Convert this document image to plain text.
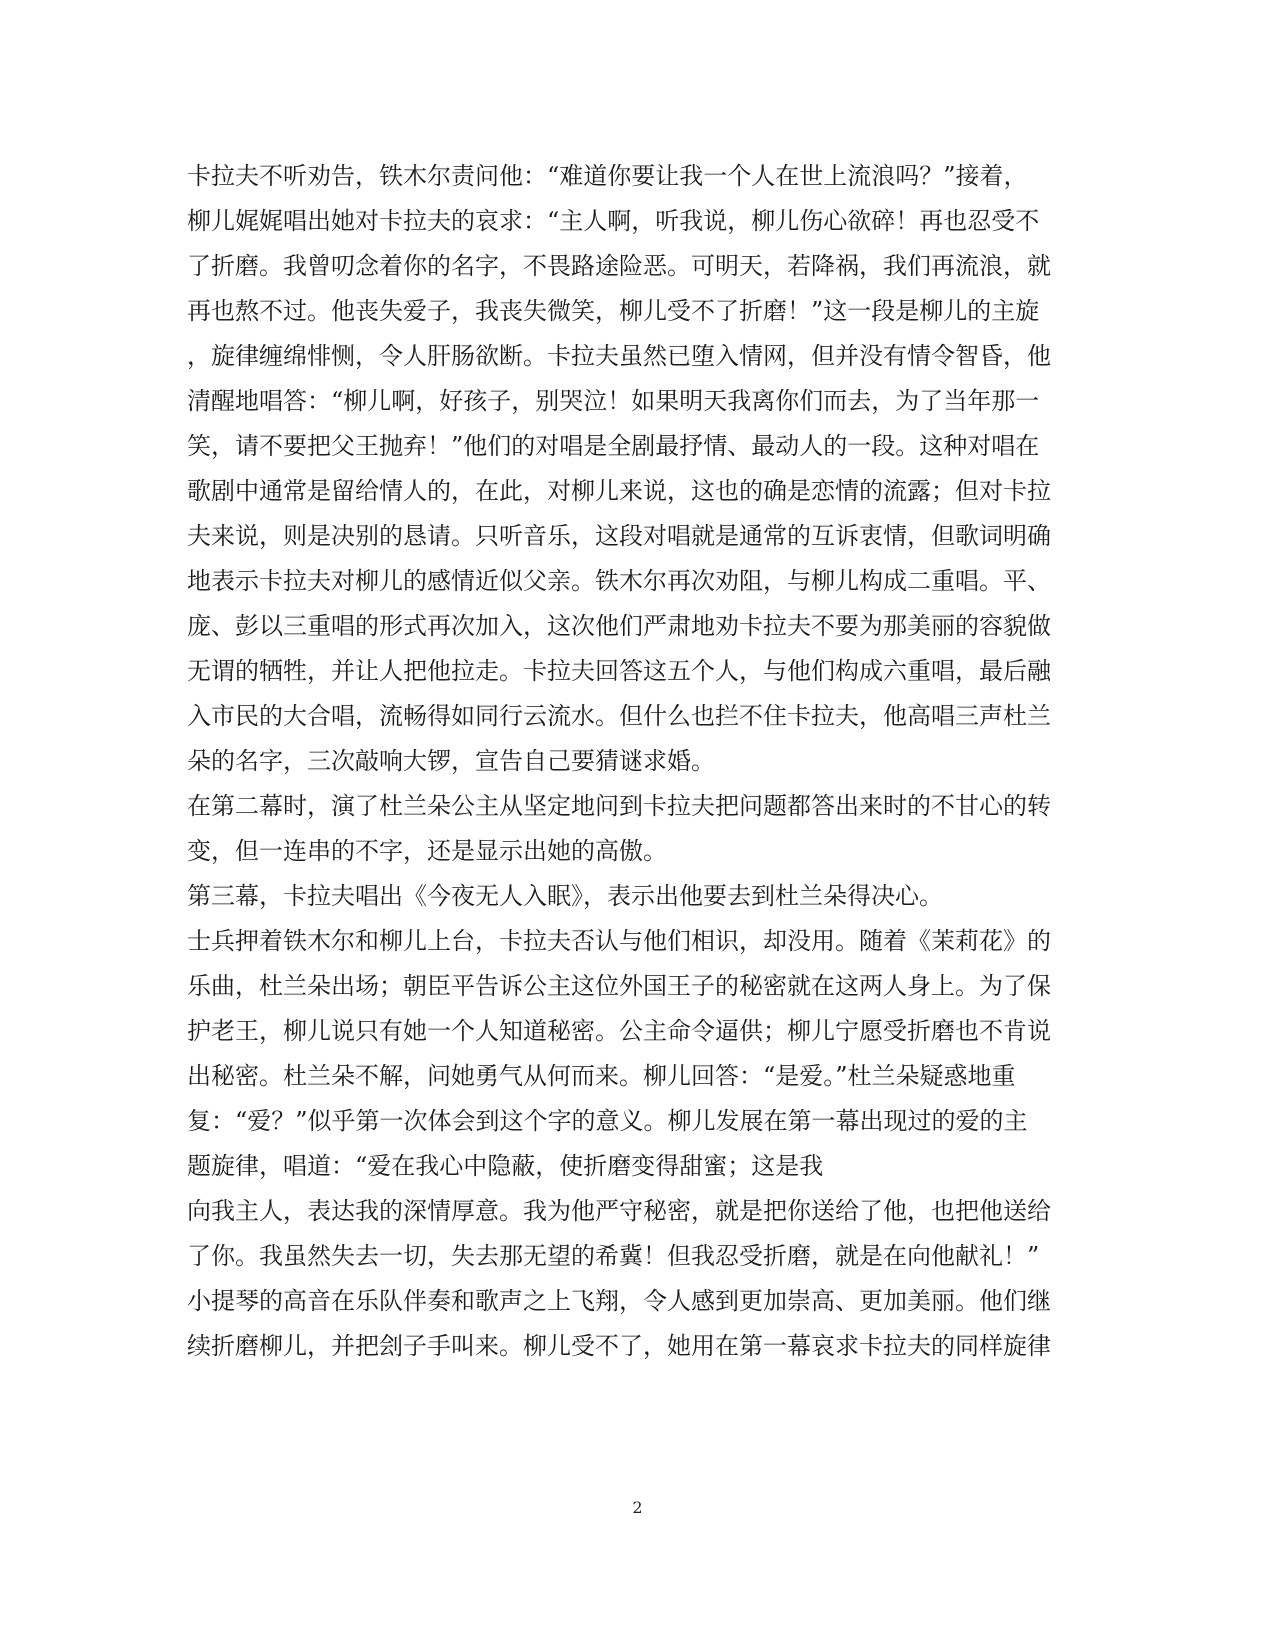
卡拉夫不听劝告，铁木尔责问他：“难道你要让我一个人在世上流浪吗？”接着，
柳儿娓娓唱出她对卡拉夫的哀求：“主人啊，听我说，柳儿伤心欲碎！再也忍受不
了折磨。我曾叨念着你的名字，不畏路途险恶。可明天，若降祸，我们再流浪，就
再也熬不过。他丧失爱子，我丧失微笑，柳儿受不了折磨！”这一段是柳儿的主旋
，旋律缠绵悱恻，令人肝肠欲断。卡拉夫虽然已堕入情网，但并没有情令智昏，他
清醒地唱答：“柳儿啊，好孩子，别哭泣！如果明天我离你们而去，为了当年那一
笑，请不要把父王抛弃！”他们的对唱是全剧最抒情、最动人的一段。这种对唱在
歌剧中通常是留给情人的，在此，对柳儿来说，这也的确是恋情的流露；但对卡拉
夫来说，则是决别的恳请。只听音乐，这段对唱就是通常的互诉衷情，但歌词明确
地表示卡拉夫对柳儿的感情近似父亲。铁木尔再次劝阻，与柳儿构成二重唱。平、
庞、彭以三重唱的形式再次加入，这次他们严肃地劝卡拉夫不要为那美丽的容貌做
无谓的牺牲，并让人把他拉走。卡拉夫回答这五个人，与他们构成六重唱，最后融
入市民的大合唱，流畅得如同行云流水。但什么也拦不住卡拉夫，他高唱三声杜兰
朵的名字，三次敲响大锣，宣告自己要猜谜求婚。
在第二幕时，演了杜兰朵公主从坚定地问到卡拉夫把问题都答出来时的不甘心的转
变，但一连串的不字，还是显示出她的高傲。
第三幕，卡拉夫唱出《今夜无人入眠》，表示出他要去到杜兰朵得决心。
士兵押着铁木尔和柳儿上台，卡拉夫否认与他们相识，却没用。随着《茉莉花》的
乐曲，杜兰朵出场；朝臣平告诉公主这位外国王子的秘密就在这两人身上。为了保
护老王，柳儿说只有她一个人知道秘密。公主命令逼供；柳儿宁愿受折磨也不肯说
出秘密。杜兰朵不解，问她勇气从何而来。柳儿回答：“是爱。”杜兰朵疑惑地重
复：“爱？”似乎第一次体会到这个字的意义。柳儿发展在第一幕出现过的爱的主
题旋律，唱道：“爱在我心中隐蔽，使折磨变得甜蜜；这是我
向我主人，表达我的深情厚意。我为他严守秘密，就是把你送给了他，也把他送给
了你。我虽然失去一切，失去那无望的希冀！但我忍受折磨，就是在向他献礼！”
小提琴的高音在乐队伴奏和歌声之上飞翔，令人感到更加崇高、更加美丽。他们继
续折磨柳儿，并把刽子手叫来。柳儿受不了，她用在第一幕哀求卡拉夫的同样旋律
2
